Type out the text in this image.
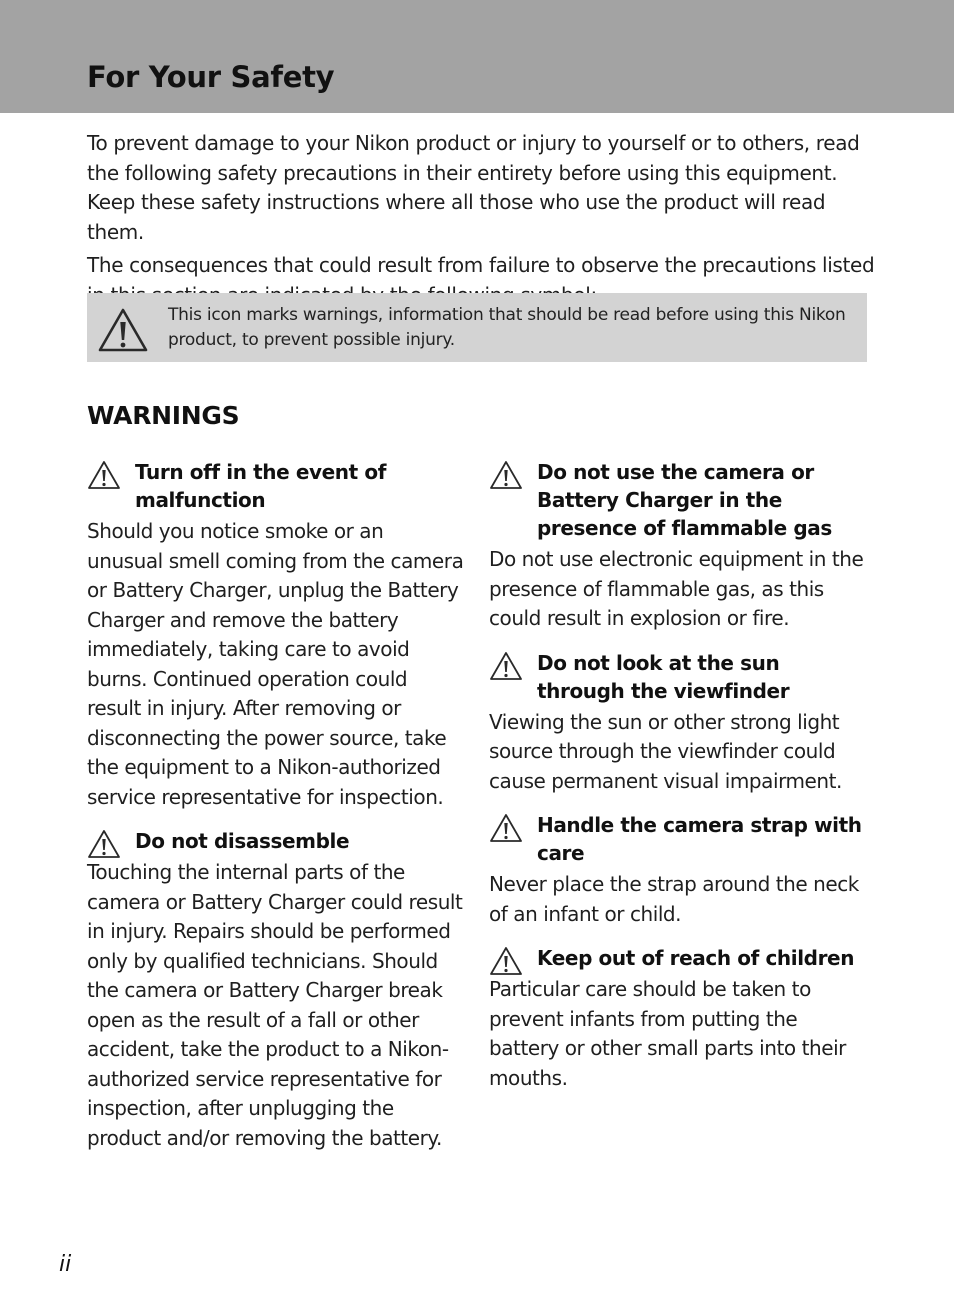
For Your Safety

To prevent damage to your Nikon product or injury to yourself or to others, read the following safety precautions in their entirety before using this equipment. Keep these safety instructions where all those who use the product will read them.

The consequences that could result from failure to observe the precautions listed

This icon marks warnings, information that should be read before using this Nikon product, to prevent possible injury.
WARNINGS
Turn off in the event of malfunction
Should you notice smoke or an unusual smell coming from the camera or Battery Charger, unplug the Battery Charger and remove the battery immediately, taking care to avoid burns. Continued operation could result in injury. After removing or disconnecting the power source, take the equipment to a Nikon-authorized service representative for inspection.
Do not disassemble
Touching the internal parts of the camera or Battery Charger could result in injury. Repairs should be performed only by qualified technicians. Should the camera or Battery Charger break open as the result of a fall or other accident, take the product to a Nikon-authorized service representative for inspection, after unplugging the product and/or removing the battery.
Do not use the camera or Battery Charger in the presence of flammable gas
Do not use electronic equipment in the presence of flammable gas, as this could result in explosion or fire.
Do not look at the sun through the viewfinder
Viewing the sun or other strong light source through the viewfinder could cause permanent visual impairment.
Handle the camera strap with care
Never place the strap around the neck of an infant or child.
Keep out of reach of children
Particular care should be taken to prevent infants from putting the battery or other small parts into their mouths.
ii
